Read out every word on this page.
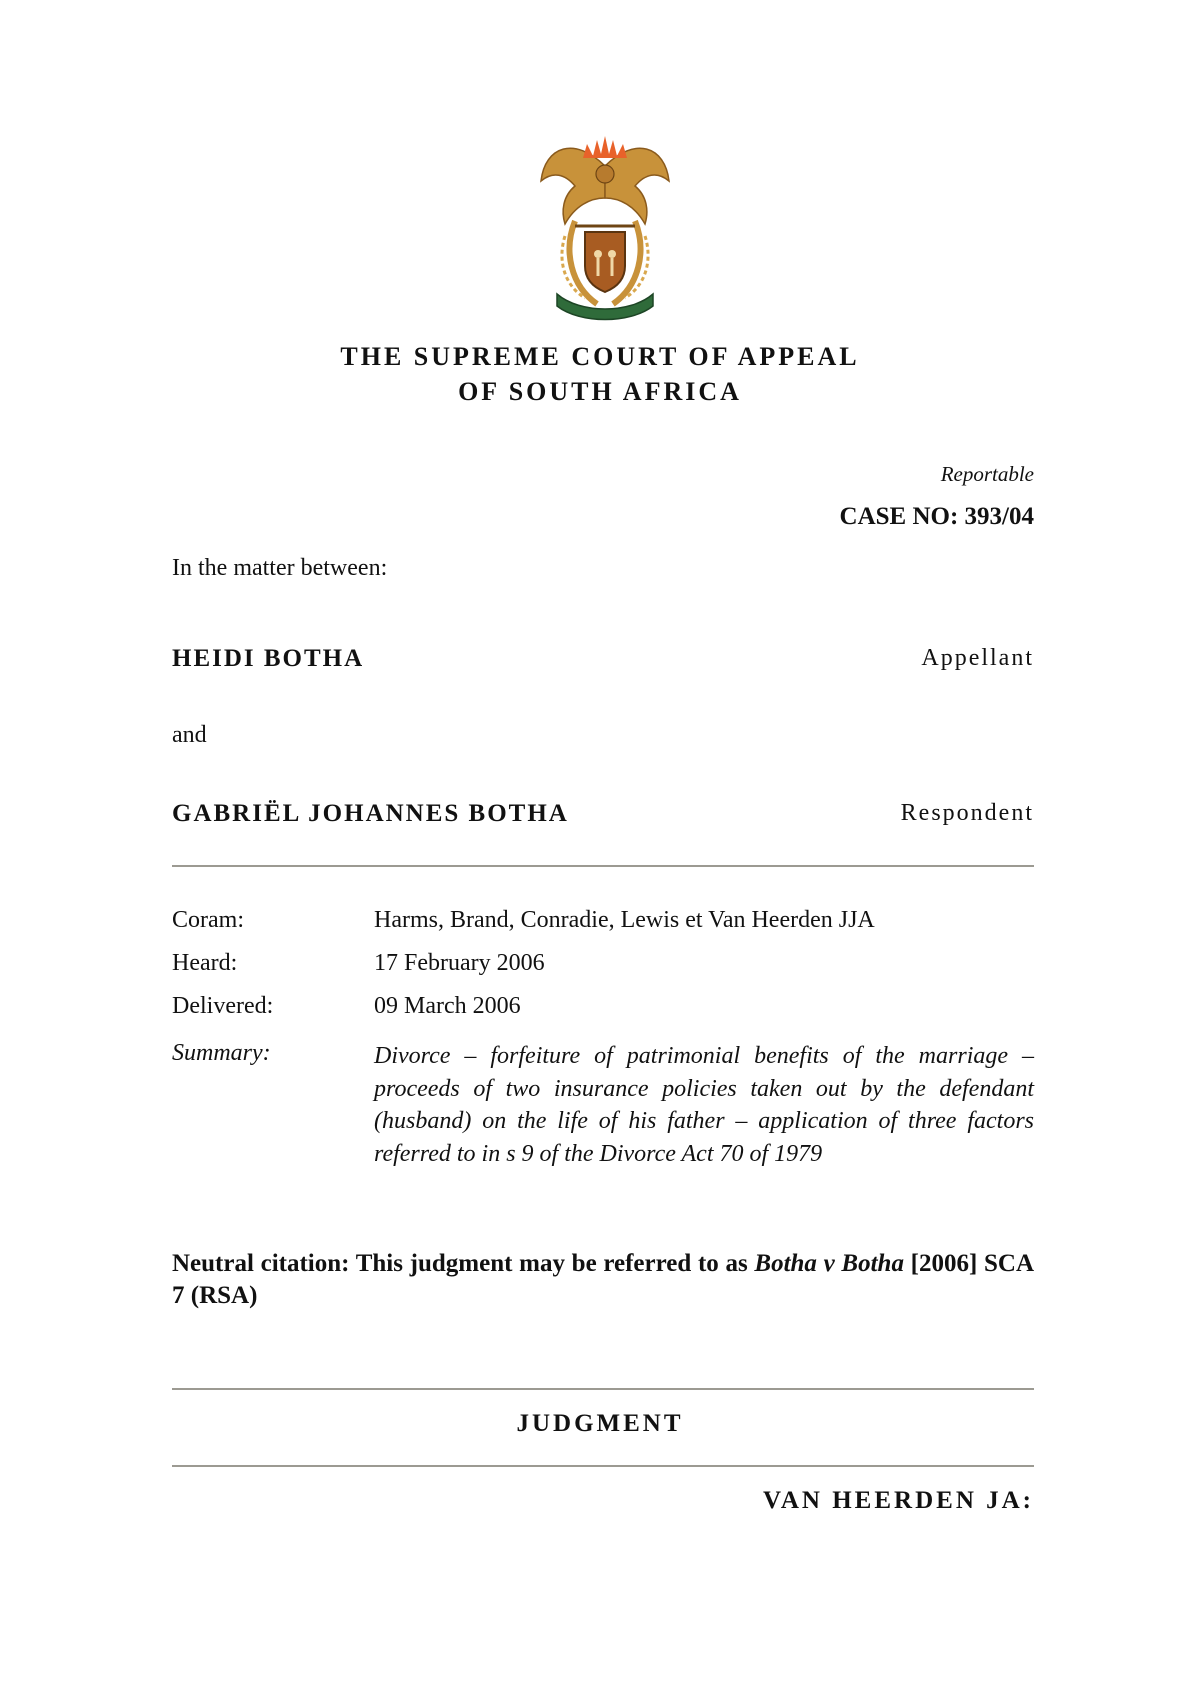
THE SUPREME COURT OF APPEAL
OF SOUTH AFRICA
Reportable
CASE NO: 393/04
In the matter between:
HEIDI BOTHA	Appellant
and
GABRIËL JOHANNES BOTHA	Respondent
Coram:	Harms, Brand, Conradie, Lewis et Van Heerden JJA
Heard:	17 February 2006
Delivered:	09 March 2006
Summary:	Divorce – forfeiture of patrimonial benefits of the marriage – proceeds of two insurance policies taken out by the defendant (husband) on the life of his father – application of three factors referred to in s 9 of the Divorce Act 70 of 1979
Neutral citation: This judgment may be referred to as Botha v Botha [2006] SCA 7 (RSA)
JUDGMENT
VAN HEERDEN JA:
